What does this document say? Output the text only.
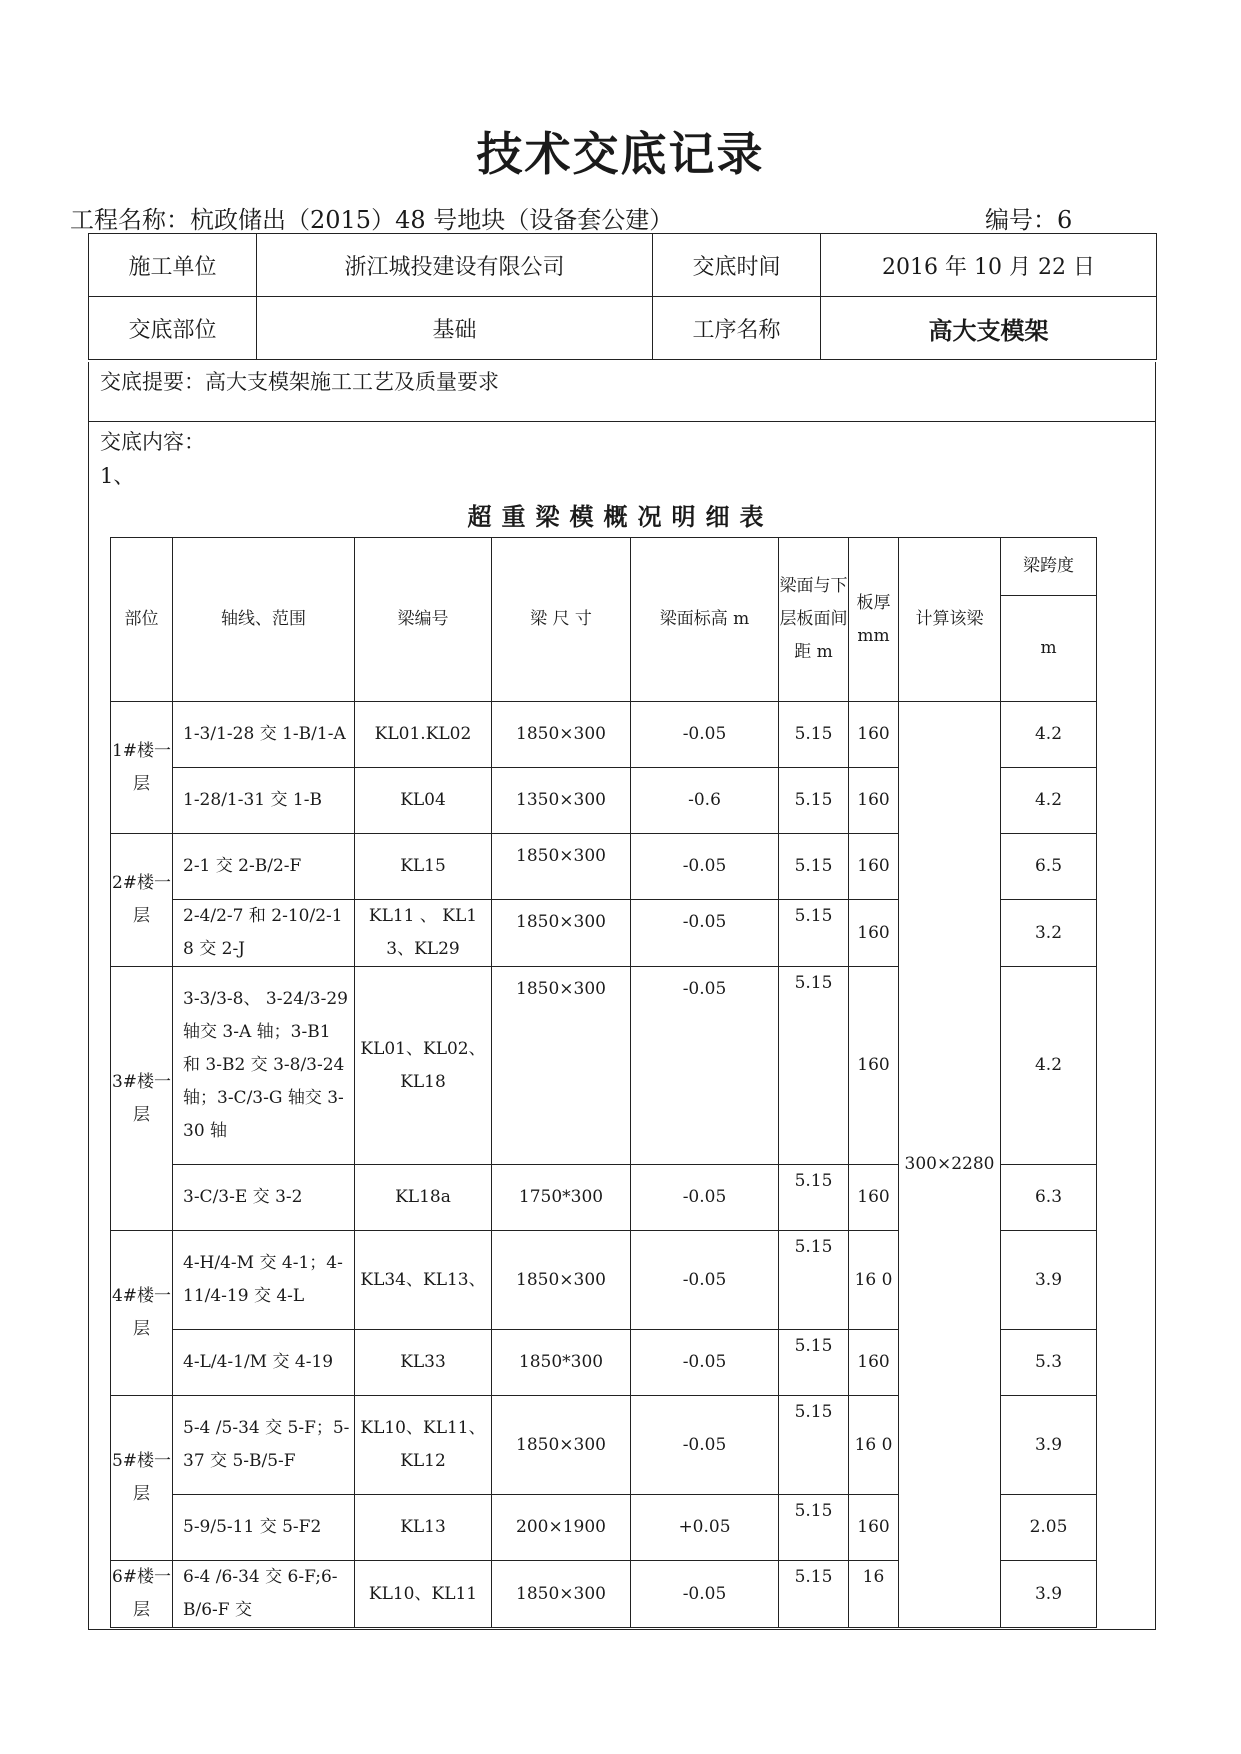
技术交底记录
工程名称：杭政储出（2015）48 号地块（设备套公建）	编号：6
施工单位	浙江城投建设有限公司	交底时间	2016 年 10 月 22 日
交底部位	基础	工序名称	高大支模架
交底提要：高大支模架施工工艺及质量要求
交底内容：
1、
超重梁模概况明细表
部位	轴线、范围	梁编号	梁 尺 寸	梁面标高 m	梁面与下层板面间距 m	板厚mm	计算该梁	梁跨度
								m
1#楼一层	1-3/1-28 交 1-B/1-A	KL01.KL02	1850×300	-0.05	5.15	160	300×2280	4.2
	1-28/1-31 交 1-B	KL04	1350×300	-0.6	5.15	160		4.2
2#楼一层	2-1 交 2-B/2-F	KL15	1850×300	-0.05	5.15	160		6.5
	2-4/2-7 和 2-10/2-18 交 2-J	KL11 、 KL13、KL29	1850×300	-0.05	5.15	160		3.2
3#楼一层	3-3/3-8、 3-24/3-29 轴交 3-A 轴；3-B1 和 3-B2 交 3-8/3-24 轴；3-C/3-G 轴交 3-30 轴	KL01、KL02、KL18	1850×300	-0.05	5.15	160		4.2
	3-C/3-E 交 3-2	KL18a	1750*300	-0.05	5.15	160		6.3
4#楼一层	4-H/4-M 交 4-1；4-11/4-19 交 4-L	KL34、KL13、	1850×300	-0.05	5.15	16 0		3.9
	4-L/4-1/M 交 4-19	KL33	1850*300	-0.05	5.15	160		5.3
5#楼一层	5-4 /5-34 交 5-F；5-37 交 5-B/5-F	KL10、KL11、KL12	1850×300	-0.05	5.15	16 0		3.9
	5-9/5-11 交 5-F2	KL13	200×1900	+0.05	5.15	160		2.05
6#楼一层	6-4 /6-34 交 6-F;6-B/6-F 交	KL10、KL11	1850×300	-0.05	5.15	16		3.9
